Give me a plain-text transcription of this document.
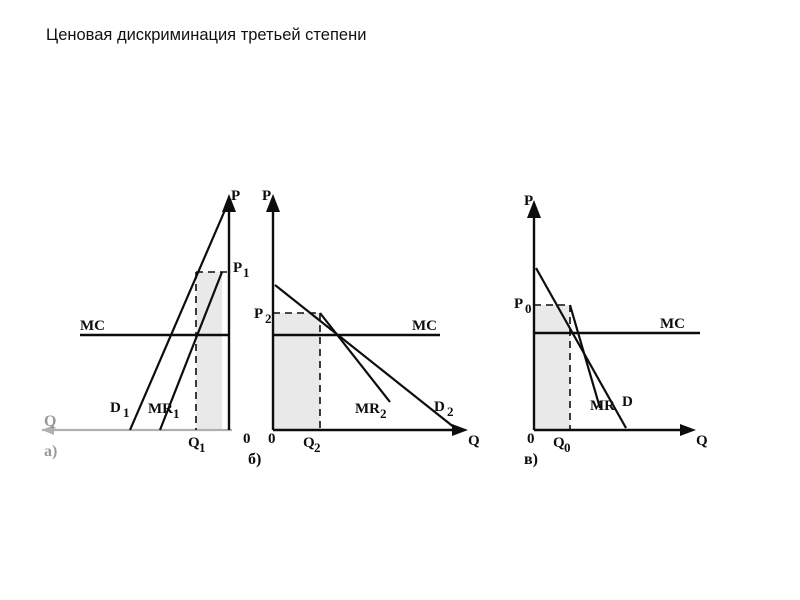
Ценовая дискриминация третьей степени
P
Q
а)
P 1
Q 1
0
MC
D 1 MR 1
P
Q
P 2
Q 2
0
MC
D 2
MR 2
б)
P
Q
P 0
Q 0
0
MC
D
MR
в)
